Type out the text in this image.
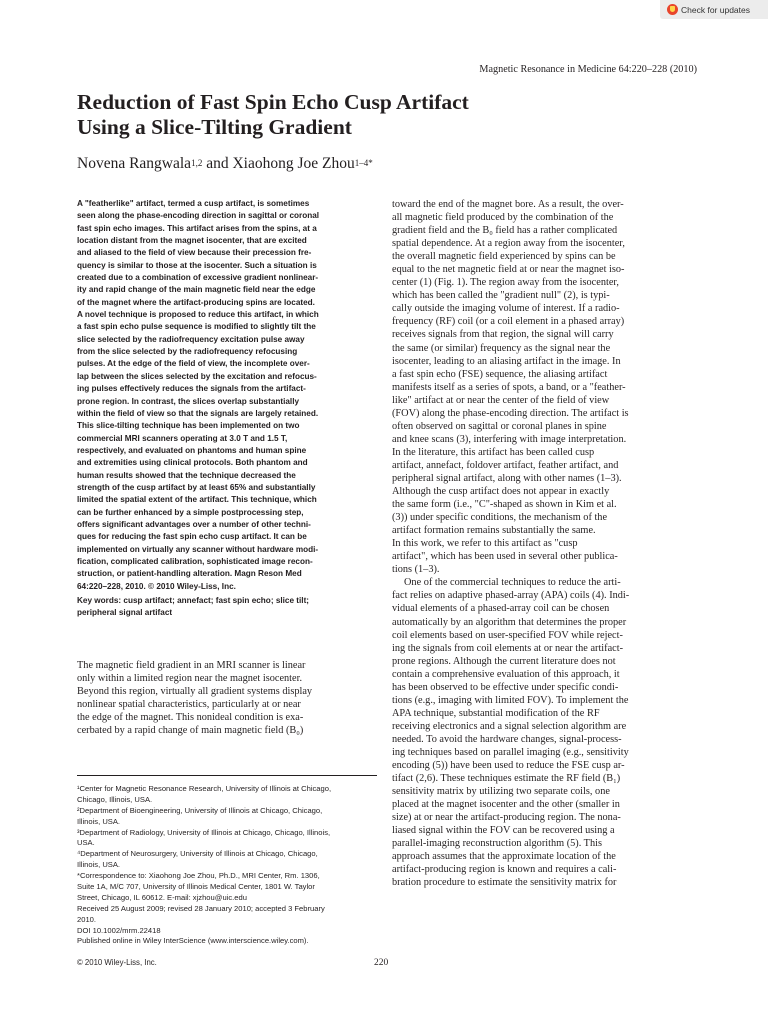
Check for updates
Magnetic Resonance in Medicine 64:220–228 (2010)
Reduction of Fast Spin Echo Cusp Artifact
Using a Slice-Tilting Gradient

Novena Rangwala$^{1,2}$ and Xiaohong Joe Zhou$^{1-4*}$

A "featherlike" artifact, termed a cusp artifact, is sometimes
seen along the phase-encoding direction in sagittal or coronal
fast spin echo images. This artifact arises from the spins, at a
location distant from the magnet isocenter, that are excited
and aliased to the field of view because their precession fre-
quency is similar to those at the isocenter. Such a situation is
created due to a combination of excessive gradient nonlinear-
ity and rapid change of the main magnetic field near the edge
of the magnet where the artifact-producing spins are located.
A novel technique is proposed to reduce this artifact, in which
a fast spin echo pulse sequence is modified to slightly tilt the
slice selected by the radiofrequency excitation pulse away
from the slice selected by the radiofrequency refocusing
pulses. At the edge of the field of view, the incomplete over-
lap between the slices selected by the excitation and refocus-
ing pulses effectively reduces the signals from the artifact-
prone region. In contrast, the slices overlap substantially
within the field of view so that the signals are largely retained.
This slice-tilting technique has been implemented on two
commercial MRI scanners operating at 3.0 T and 1.5 T,
respectively, and evaluated on phantoms and human spine
and extremities using clinical protocols. Both phantom and
human results showed that the technique decreased the
strength of the cusp artifact by at least 65% and substantially
limited the spatial extent of the artifact. This technique, which
can be further enhanced by a simple postprocessing step,
offers significant advantages over a number of other techni-
ques for reducing the fast spin echo cusp artifact. It can be
implemented on virtually any scanner without hardware modi-
fication, complicated calibration, sophisticated image recon-
struction, or patient-handling alteration. Magn Reson Med
64:220–228, 2010. © 2010 Wiley-Liss, Inc.
Key words: cusp artifact; annefact; fast spin echo; slice tilt;
peripheral signal artifact
The magnetic field gradient in an MRI scanner is linear
only within a limited region near the magnet isocenter.
Beyond this region, virtually all gradient systems display
nonlinear spatial characteristics, particularly at or near
the edge of the magnet. This nonideal condition is exa-
cerbated by a rapid change of main magnetic field (B₀)
¹Center for Magnetic Resonance Research, University of Illinois at Chicago,
Chicago, Illinois, USA.
²Department of Bioengineering, University of Illinois at Chicago, Chicago,
Illinois, USA.
³Department of Radiology, University of Illinois at Chicago, Chicago, Illinois,
USA.
⁴Department of Neurosurgery, University of Illinois at Chicago, Chicago,
Illinois, USA.
*Correspondence to: Xiaohong Joe Zhou, Ph.D., MRI Center, Rm. 1306,
Suite 1A, M/C 707, University of Illinois Medical Center, 1801 W. Taylor
Street, Chicago, IL 60612. E-mail: xjzhou@uic.edu
Received 25 August 2009; revised 28 January 2010; accepted 3 February
2010.
DOI 10.1002/mrm.22418
Published online in Wiley InterScience (www.interscience.wiley.com).
© 2010 Wiley-Liss, Inc.	220
toward the end of the magnet bore. As a result, the over-
all magnetic field produced by the combination of the
gradient field and the B₀ field has a rather complicated
spatial dependence. At a region away from the isocenter,
the overall magnetic field experienced by spins can be
equal to the net magnetic field at or near the magnet iso-
center (1) (Fig. 1). The region away from the isocenter,
which has been called the "gradient null" (2), is typi-
cally outside the imaging volume of interest. If a radio-
frequency (RF) coil (or a coil element in a phased array)
receives signals from that region, the signal will carry
the same (or similar) frequency as the signal near the
isocenter, leading to an aliasing artifact in the image. In
a fast spin echo (FSE) sequence, the aliasing artifact
manifests itself as a series of spots, a band, or a "feather-
like" artifact at or near the center of the field of view
(FOV) along the phase-encoding direction. The artifact is
often observed on sagittal or coronal planes in spine
and knee scans (3), interfering with image interpretation.
In the literature, this artifact has been called cusp
artifact, annefact, foldover artifact, feather artifact, and
peripheral signal artifact, along with other names (1–3).
Although the cusp artifact does not appear in exactly
the same form (i.e., "C"-shaped as shown in Kim et al.
(3)) under specific conditions, the mechanism of the
artifact formation remains substantially the same.
In this work, we refer to this artifact as "cusp
artifact", which has been used in several other publica-
tions (1–3).
One of the commercial techniques to reduce the arti-
fact relies on adaptive phased-array (APA) coils (4). Indi-
vidual elements of a phased-array coil can be chosen
automatically by an algorithm that determines the proper
coil elements based on user-specified FOV while reject-
ing the signals from coil elements at or near the artifact-
prone regions. Although the current literature does not
contain a comprehensive evaluation of this approach, it
has been observed to be effective under specific condi-
tions (e.g., imaging with limited FOV). To implement the
APA technique, substantial modification of the RF
receiving electronics and a signal selection algorithm are
needed. To avoid the hardware changes, signal-process-
ing techniques based on parallel imaging (e.g., sensitivity
encoding (5)) have been used to reduce the FSE cusp ar-
tifact (2,6). These techniques estimate the RF field (B₁)
sensitivity matrix by utilizing two separate coils, one
placed at the magnet isocenter and the other (smaller in
size) at or near the artifact-producing region. The nona-
liased signal within the FOV can be recovered using a
parallel-imaging reconstruction algorithm (5). This
approach assumes that the approximate location of the
artifact-producing region is known and requires a cali-
bration procedure to estimate the sensitivity matrix for
